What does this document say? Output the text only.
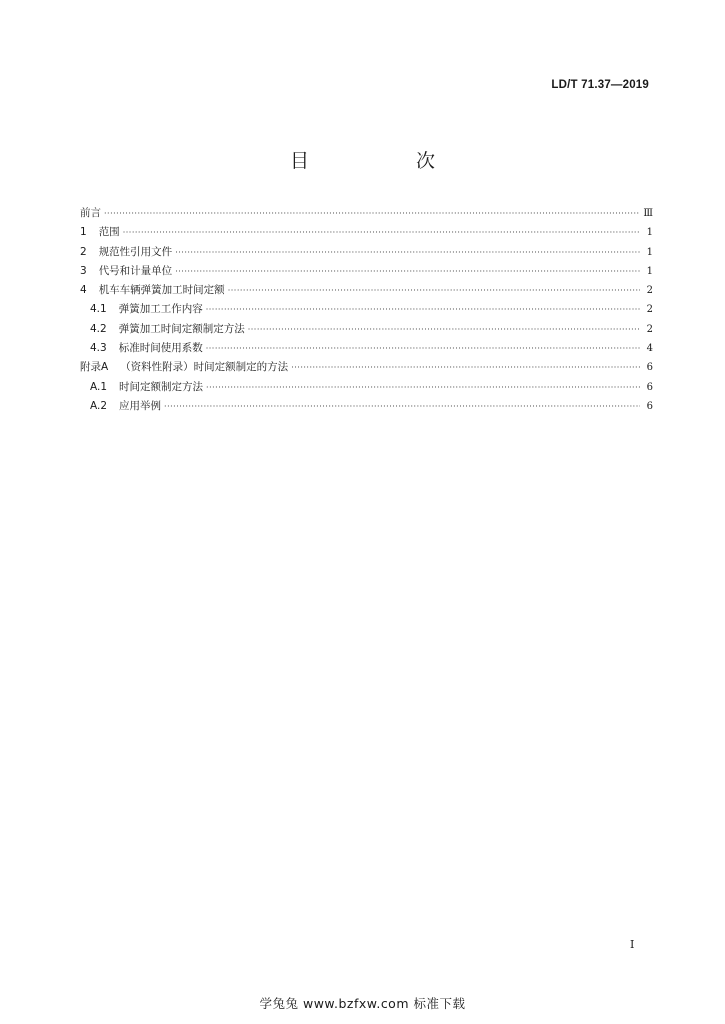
LD/T 71.37—2019
目　次
前言 ·····	Ⅲ
1 范围 ·····	1
2 规范性引用文件 ·····	1
3 代号和计量单位 ·····	1
4 机车车辆弹簧加工时间定额 ·····	2
4.1 弹簧加工工作内容 ·····	2
4.2 弹簧加工时间定额制定方法 ·····	2
4.3 标准时间使用系数 ·····	4
附录A （资料性附录）时间定额制定的方法 ·····	6
A.1 时间定额制定方法 ·····	6
A.2 应用举例 ·····	6
I
学兔兔 www.bzfxw.com 标准下载
